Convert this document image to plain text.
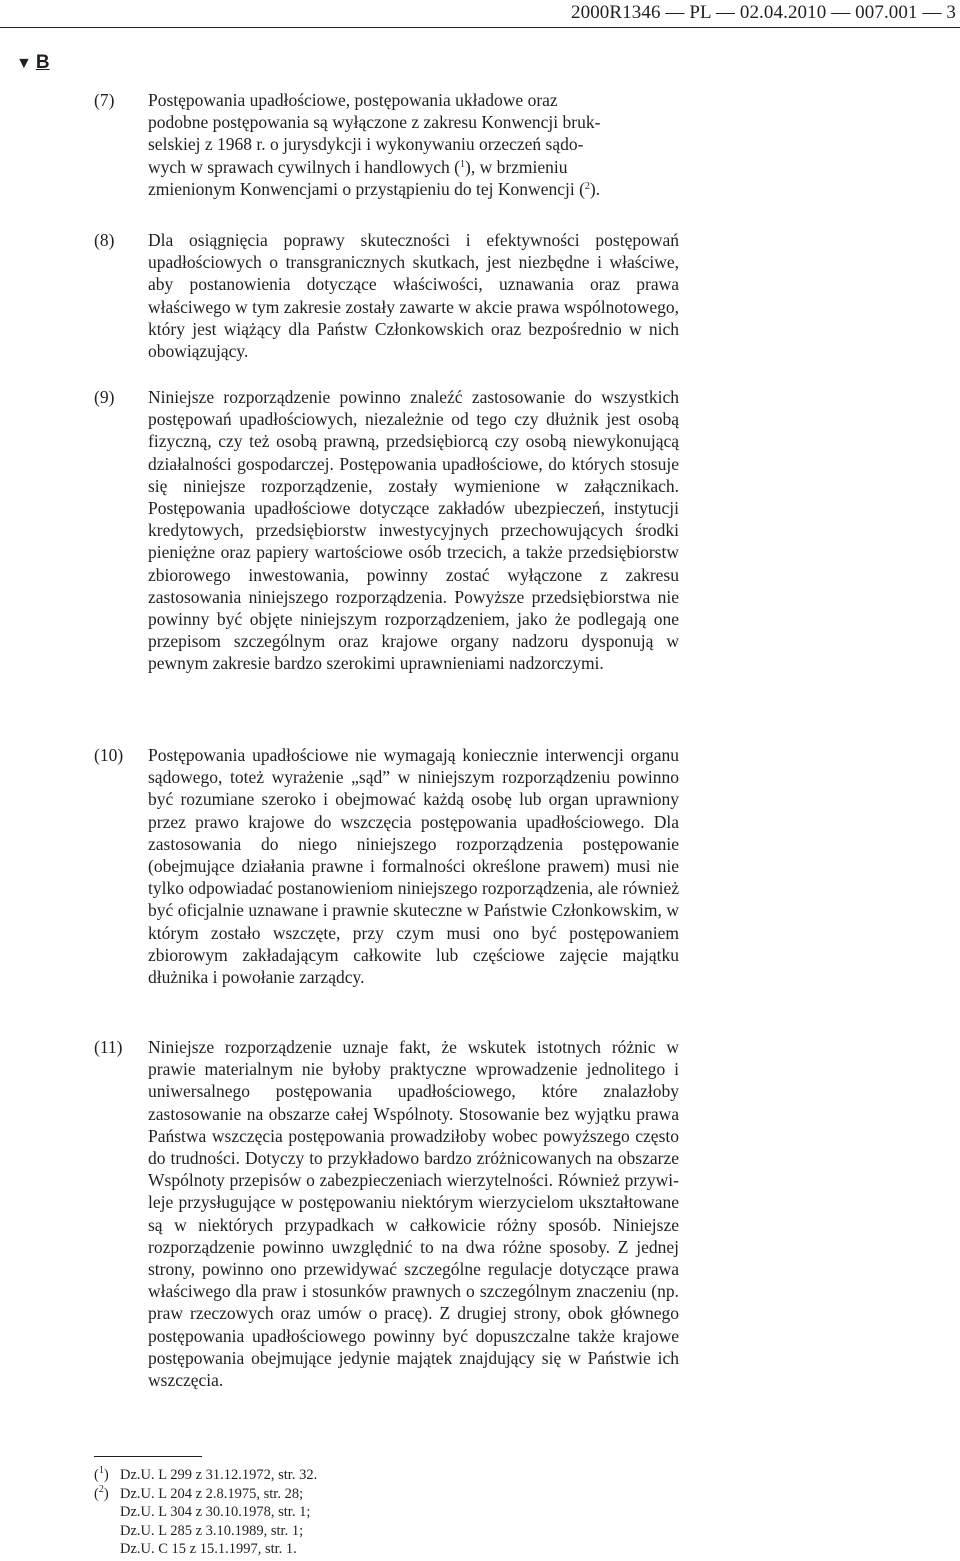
2000R1346 — PL — 02.04.2010 — 007.001 — 3
▼ B
(7) Postępowania upadłościowe, postępowania układowe oraz

podobne postępowania są wyłączone z zakresu Konwencji bruk-

selskiej z 1968 r. o jurysdykcji i wykonywaniu orzeczeń sądo-

wych w sprawach cywilnych i handlowych ($^1$), w brzmieniu

zmienionym Konwencjami o przystąpieniu do tej Konwencji ($^2$).

(8) Dla osiągnięcia poprawy skuteczności i efektywności postępowań upadłościowych o transgranicznych skutkach, jest niezbędne i właściwe, aby postanowienia dotyczące właściwości, uznawania oraz prawa właściwego w tym zakresie zostały zawarte w akcie prawa wspólnotowego, który jest wiążący dla Państw Członkowskich oraz bezpośrednio w nich obowiązujący.
(9) Niniejsze rozporządzenie powinno znaleźć zastosowanie do wszystkich postępowań upadłościowych, niezależnie od tego czy dłużnik jest osobą fizyczną, czy też osobą prawną, przedsiębiorcą czy osobą niewykonującą działalności gospodarczej. Postępowania upadłościowe, do których stosuje się niniejsze rozporządzenie, zostały wymienione w załącznikach. Postępowania upadłościowe dotyczące zakładów ubezpieczeń, instytucji kredytowych, przedsiębiorstw inwestycyjnych przechowujących środki pieniężne oraz papiery wartościowe osób trzecich, a także przedsiębiorstw zbiorowego inwestowania, powinny zostać wyłączone z zakresu zastosowania niniejszego rozporządzenia. Powyższe przedsiębiorstwa nie powinny być objęte niniejszym rozporządzeniem, jako że podlegają one przepisom szczególnym oraz krajowe organy nadzoru dysponują w pewnym zakresie bardzo szerokimi uprawnieniami nadzorczymi.
(10) Postępowania upadłościowe nie wymagają koniecznie interwencji organu sądowego, toteż wyrażenie „sąd” w niniejszym rozporządzeniu powinno być rozumiane szeroko i obejmować każdą osobę lub organ uprawniony przez prawo krajowe do wszczęcia postępowania upadłościowego. Dla zastosowania do niego niniejszego rozporządzenia postępowanie (obejmujące działania prawne i formalności określone prawem) musi nie tylko odpowiadać postanowieniom niniejszego rozporządzenia, ale również być oficjalnie uznawane i prawnie skuteczne w Państwie Członkowskim, w którym zostało wszczęte, przy czym musi ono być postępowaniem zbiorowym zakładającym całkowite lub częściowe zajęcie majątku dłużnika i powołanie zarządcy.
(11) Niniejsze rozporządzenie uznaje fakt, że wskutek istotnych różnic w prawie materialnym nie byłoby praktyczne wprowadzenie jednolitego i uniwersalnego postępowania upadłościowego, które znalazłoby zastosowanie na obszarze całej Wspólnoty. Stosowanie bez wyjątku prawa Państwa wszczęcia postępowania prowadziłoby wobec powyższego często do trudności. Dotyczy to przykładowo bardzo zróżnicowanych na obszarze Wspólnoty przepisów o zabezpieczeniach wierzytelności. Również przywileje przysługujące w postępowaniu niektórym wierzycielom ukształtowane są w niektórych przypadkach w całkowicie różny sposób. Niniejsze rozporządzenie powinno uwzględnić to na dwa różne sposoby. Z jednej strony, powinno ono przewidywać szczególne regulacje dotyczące prawa właściwego dla praw i stosunków prawnych o szczególnym znaczeniu (np. praw rzeczowych oraz umów o pracę). Z drugiej strony, obok głównego postępowania upadłościowego powinny być dopuszczalne także krajowe postępowania obejmujące jedynie majątek znajdujący się w Państwie ich wszczęcia.
($^1$) Dz.U. L 299 z 31.12.1972, str. 32.
($^2$) Dz.U. L 204 z 2.8.1975, str. 28;
Dz.U. L 304 z 30.10.1978, str. 1;
Dz.U. L 285 z 3.10.1989, str. 1;
Dz.U. C 15 z 15.1.1997, str. 1.
